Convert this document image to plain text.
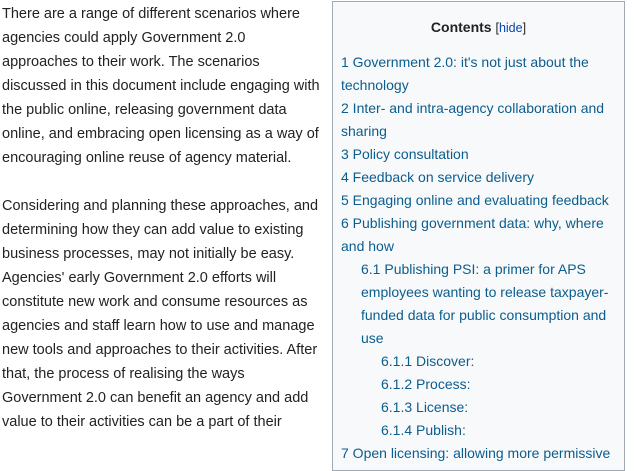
There are a range of different scenarios where agencies could apply Government 2.0 approaches to their work. The scenarios discussed in this document include engaging with the public online, releasing government data online, and embracing open licensing as a way of encouraging online reuse of agency material.

Considering and planning these approaches, and determining how they can add value to existing business processes, may not initially be easy. Agencies' early Government 2.0 efforts will constitute new work and consume resources as agencies and staff learn how to use and manage new tools and approaches to their activities. After that, the process of realising the ways Government 2.0 can benefit an agency and add value to their activities can be a part of their

Contents [hide]
1 Government 2.0: it's not just about the technology
2 Inter- and intra-agency collaboration and sharing
3 Policy consultation
4 Feedback on service delivery
5 Engaging online and evaluating feedback
6 Publishing government data: why, where and how
6.1 Publishing PSI: a primer for APS employees wanting to release taxpayer-funded data for public consumption and use
6.1.1 Discover:
6.1.2 Process:
6.1.3 License:
6.1.4 Publish:
7 Open licensing: allowing more permissive
